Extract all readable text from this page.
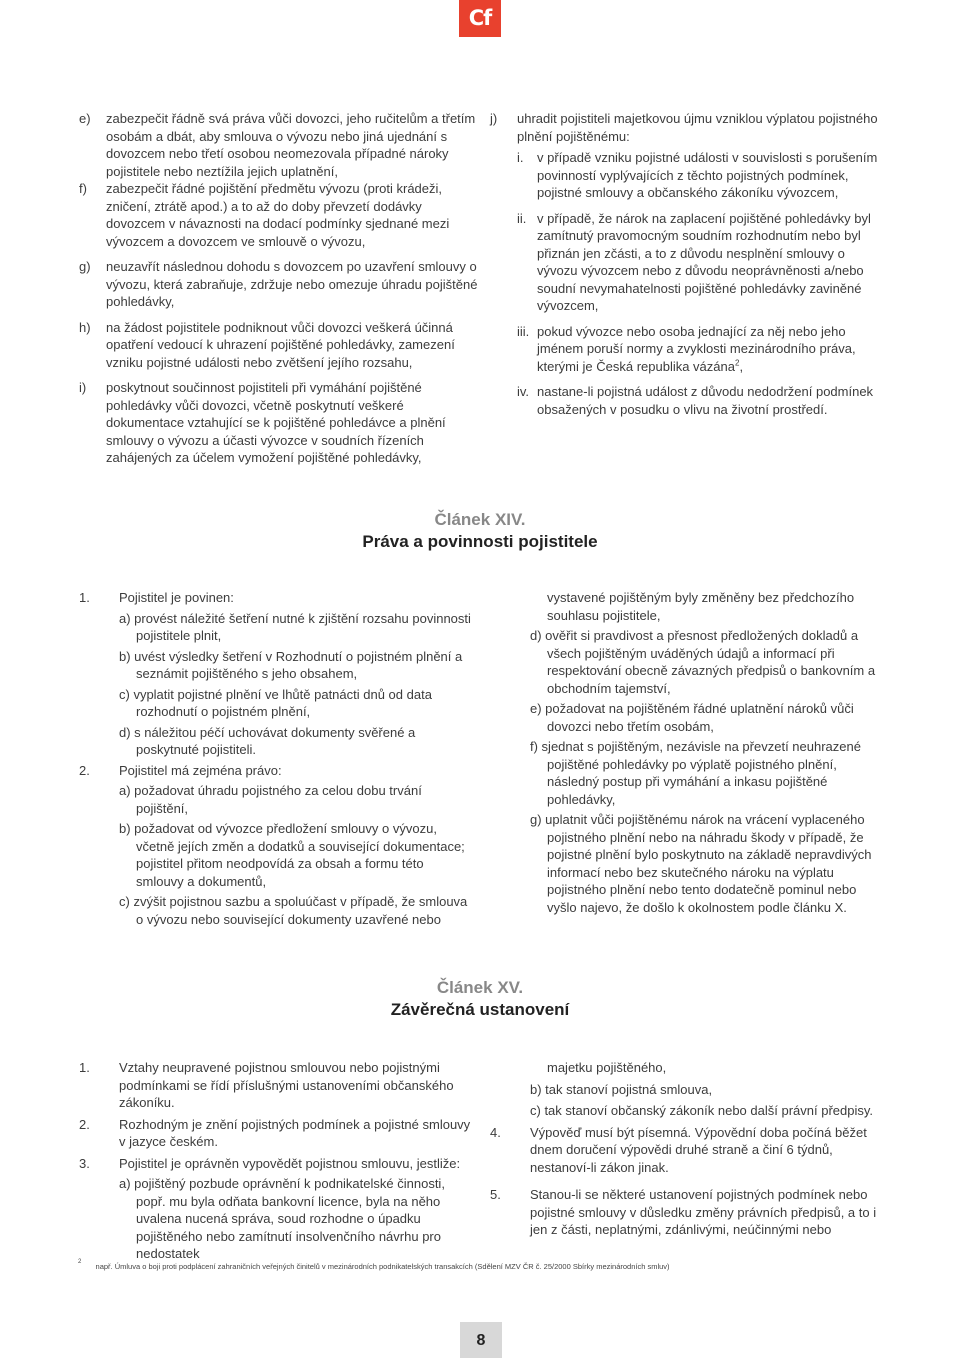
Cf
e) zabezpečit řádně svá práva vůči dovozci, jeho ručitelům a třetím osobám a dbát, aby smlouva o vývozu nebo jiná ujednání s dovozcem nebo třetí osobou neomezovala případné nároky pojistitele nebo neztížila jejich uplatnění,
f) zabezpečit řádné pojištění předmětu vývozu (proti krádeži, zničení, ztrátě apod.) a to až do doby převzetí dodávky dovozcem v návaznosti na dodací podmínky sjednané mezi vývozcem a dovozcem ve smlouvě o vývozu,
g) neuzavřít následnou dohodu s dovozcem po uzavření smlouvy o vývozu, která zabraňuje, zdržuje nebo omezuje úhradu pojištěné pohledávky,
h) na žádost pojistitele podniknout vůči dovozci veškerá účinná opatření vedoucí k uhrazení pojištěné pohledávky, zamezení vzniku pojistné události nebo zvětšení jejího rozsahu,
i) poskytnout součinnost pojistiteli při vymáhání pojištěné pohledávky vůči dovozci, včetně poskytnutí veškeré dokumentace vztahující se k pojištěné pohledávce a plnění smlouvy o vývozu a účasti vývozce v soudních řízeních zahájených za účelem vymožení pojištěné pohledávky,
j) uhradit pojistiteli majetkovou újmu vzniklou výplatou pojistného plnění pojištěnému:
i. v případě vzniku pojistné události v souvislosti s porušením povinností vyplývajících z těchto pojistných podmínek, pojistné smlouvy a občanského zákoníku vývozcem,
ii. v případě, že nárok na zaplacení pojištěné pohledávky byl zamítnutý pravomocným soudním rozhodnutím nebo byl přiznán jen zčásti, a to z důvodu nesplnění smlouvy o vývozu vývozcem nebo z důvodu neoprávněnosti a/nebo soudní nevymahatelnosti pojištěné pohledávky zaviněné vývozcem,
iii. pokud vývozce nebo osoba jednající za něj nebo jeho jménem poruší normy a zvyklosti mezinárodního práva, kterými je Česká republika vázána$^2$,
iv. nastane-li pojistná událost z důvodu nedodržení podmínek obsažených v posudku o vlivu na životní prostředí.
Článek XIV.
Práva a povinnosti pojistitele
1. Pojistitel je povinen:
a) provést náležité šetření nutné k zjištění rozsahu povinnosti pojistitele plnit,
b) uvést výsledky šetření v Rozhodnutí o pojistném plnění a seznámit pojištěného s jeho obsahem,
c) vyplatit pojistné plnění ve lhůtě patnácti dnů od data rozhodnutí o pojistném plnění,
d) s náležitou péčí uchovávat dokumenty svěřené a poskytnuté pojistiteli.
2. Pojistitel má zejména právo:
a) požadovat úhradu pojistného za celou dobu trvání pojištění,
b) požadovat od vývozce předložení smlouvy o vývozu, včetně jejích změn a dodatků a související dokumentace; pojistitel přitom neodpovídá za obsah a formu této smlouvy a dokumentů,
c) zvýšit pojistnou sazbu a spoluúčast v případě, že smlouva o vývozu nebo související dokumenty uzavřené nebo
vystavené pojištěným byly změněny bez předchozího souhlasu pojistitele,
d) ověřit si pravdivost a přesnost předložených dokladů a všech pojištěným uváděných údajů a informací při respektování obecně závazných předpisů o bankovním a obchodním tajemství,
e) požadovat na pojištěném řádné uplatnění nároků vůči dovozci nebo třetím osobám,
f) sjednat s pojištěným, nezávisle na převzetí neuhrazené pojištěné pohledávky po výplatě pojistného plnění, následný postup při vymáhání a inkasu pojištěné pohledávky,
g) uplatnit vůči pojištěnému nárok na vrácení vyplaceného pojistného plnění nebo na náhradu škody v případě, že pojistné plnění bylo poskytnuto na základě nepravdivých informací nebo bez skutečného nároku na výplatu pojistného plnění nebo tento dodatečně pominul nebo vyšlo najevo, že došlo k okolnostem podle článku X.
Článek XV.
Závěrečná ustanovení
1. Vztahy neupravené pojistnou smlouvou nebo pojistnými podmínkami se řídí příslušnými ustanoveními občanského zákoníku.
2. Rozhodným je znění pojistných podmínek a pojistné smlouvy v jazyce českém.
3. Pojistitel je oprávněn vypovědět pojistnou smlouvu, jestliže:
a) pojištěný pozbude oprávnění k podnikatelské činnosti, popř. mu byla odňata bankovní licence, byla na něho uvalena nucená správa, soud rozhodne o úpadku pojištěného nebo zamítnutí insolvenčního návrhu pro nedostatek
majetku pojištěného,
b) tak stanoví pojistná smlouva,
c) tak stanoví občanský zákoník nebo další právní předpisy.
4. Výpověď musí být písemná. Výpovědní doba počíná běžet dnem doručení výpovědi druhé straně a činí 6 týdnů, nestanoví-li zákon jinak.
5. Stanou-li se některé ustanovení pojistných podmínek nebo pojistné smlouvy v důsledku změny právních předpisů, a to i jen z části, neplatnými, zdánlivými, neúčinnými nebo
$^2$ např. Úmluva o boji proti podplácení zahraničních veřejných činitelů v mezinárodních podnikatelských transakcích (Sdělení MZV ČR č. 25/2000 Sbírky mezinárodních smluv)
8
